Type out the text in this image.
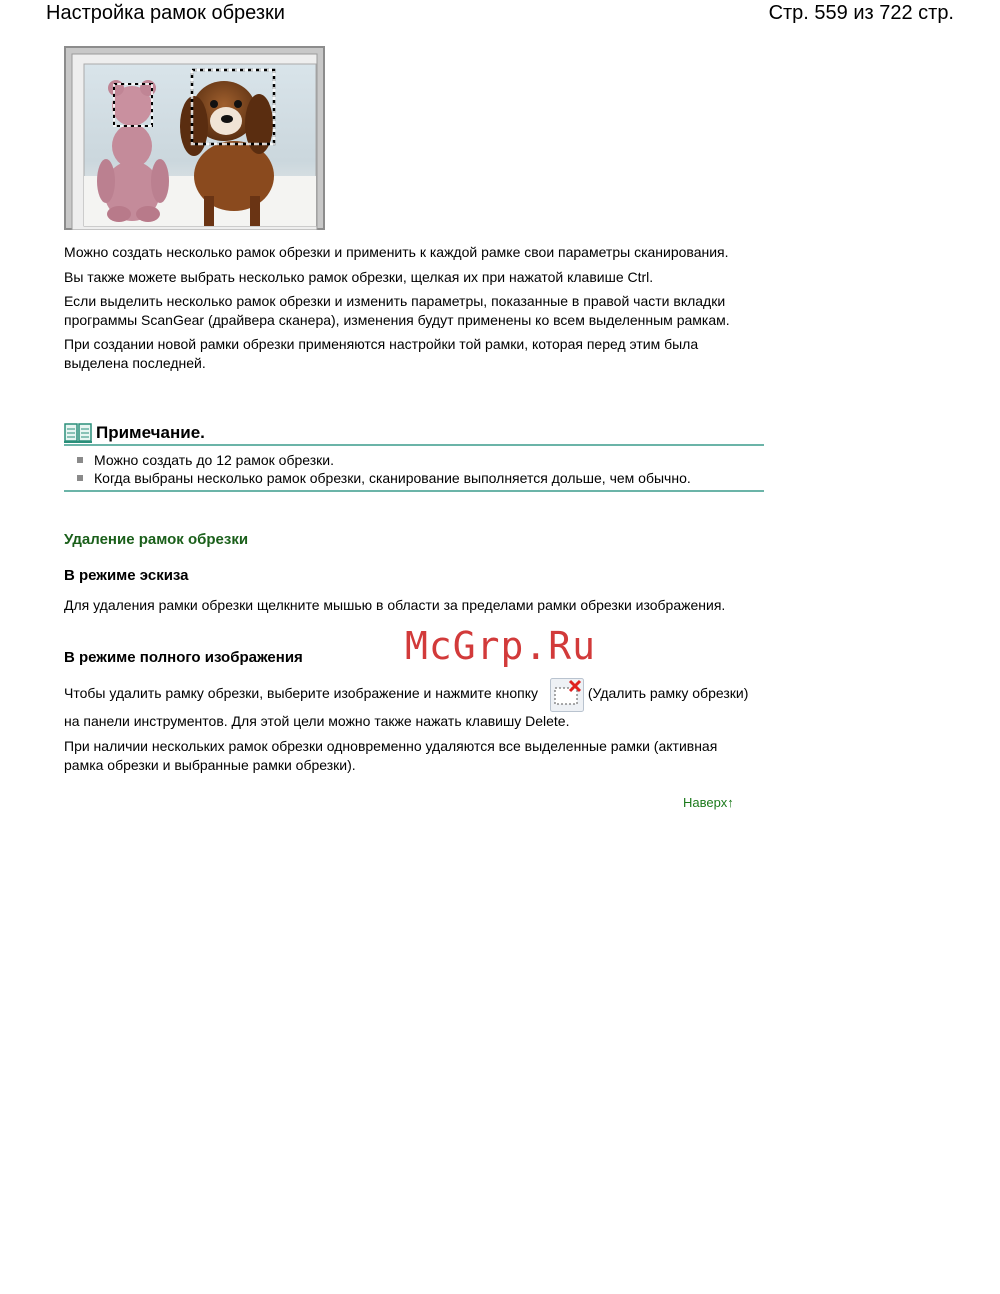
Настройка рамок обрезки	Стр. 559 из 722 стр.

Можно создать несколько рамок обрезки и применить к каждой рамке свои параметры сканирования.

Вы также можете выбрать несколько рамок обрезки, щелкая их при нажатой клавише Ctrl.

Если выделить несколько рамок обрезки и изменить параметры, показанные в правой части вкладки программы ScanGear (драйвера сканера), изменения будут применены ко всем выделенным рамкам.

При создании новой рамки обрезки применяются настройки той рамки, которая перед этим была выделена последней.

Примечание.
Можно создать до 12 рамок обрезки.
Когда выбраны несколько рамок обрезки, сканирование выполняется дольше, чем обычно.
Удаление рамок обрезки
В режиме эскиза

Для удаления рамки обрезки щелкните мышью в области за пределами рамки обрезки изображения.

В режиме полного изображения	McGrp.Ru

Чтобы удалить рамку обрезки, выберите изображение и нажмите кнопку	(Удалить рамку обрезки) на панели инструментов. Для этой цели можно также нажать клавишу Delete.

При наличии нескольких рамок обрезки одновременно удаляются все выделенные рамки (активная рамка обрезки и выбранные рамки обрезки).

Наверх↑
